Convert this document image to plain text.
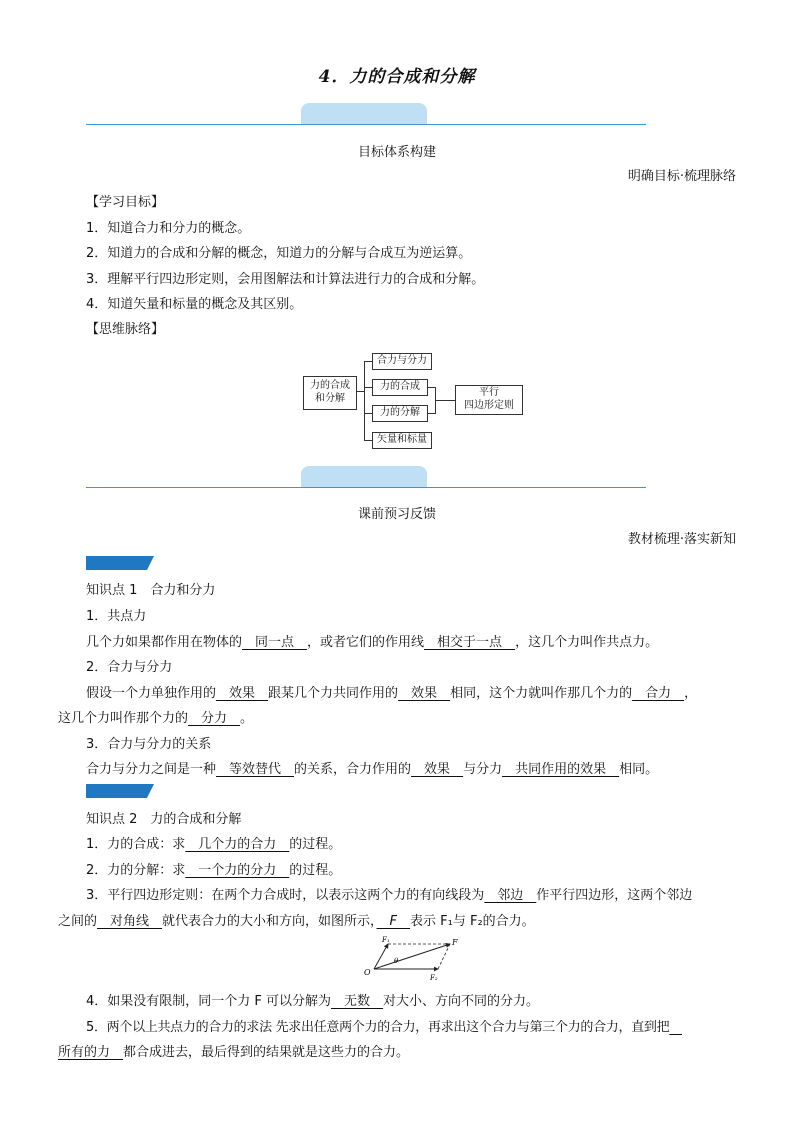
4．力的合成和分解
目标体系构建
明确目标·梳理脉络
【学习目标】
1．知道合力和分力的概念。
2．知道力的合成和分解的概念，知道力的分解与合成互为逆运算。
3．理解平行四边形定则，会用图解法和计算法进行力的合成和分解。
4．知道矢量和标量的概念及其区别。
【思维脉络】
力的合成
和分解
合力与分力
力的合成
力的分解
矢量和标量
平行
四边形定则
课前预习反馈
教材梳理·落实新知
知识点 1　合力和分力
1．共点力
几个力如果都作用在物体的　同一点　，或者它们的作用线　相交于一点　，这几个力叫作共点力。
2．合力与分力
假设一个力单独作用的　效果　跟某几个力共同作用的　效果　相同，这个力就叫作那几个力的　合力　，
这几个力叫作那个力的　分力　。
3．合力与分力的关系
合力与分力之间是一种　等效替代　的关系，合力作用的　效果　与分力　共同作用的效果　相同。
知识点 2　力的合成和分解
1．力的合成：求　几个力的合力　的过程。
2．力的分解：求　一个力的分力　的过程。
3．平行四边形定则：在两个力合成时，以表示这两个力的有向线段为　邻边　作平行四边形，这两个邻边
之间的　对角线　就代表合力的大小和方向，如图所示，　F　表示 F₁与 F₂的合力。
O
F
F₁
F₂
θ
4．如果没有限制，同一个力 F 可以分解为　无数　对大小、方向不同的分力。
5．两个以上共点力的合力的求法 先求出任意两个力的合力，再求出这个合力与第三个力的合力，直到把　
所有的力　都合成进去，最后得到的结果就是这些力的合力。
